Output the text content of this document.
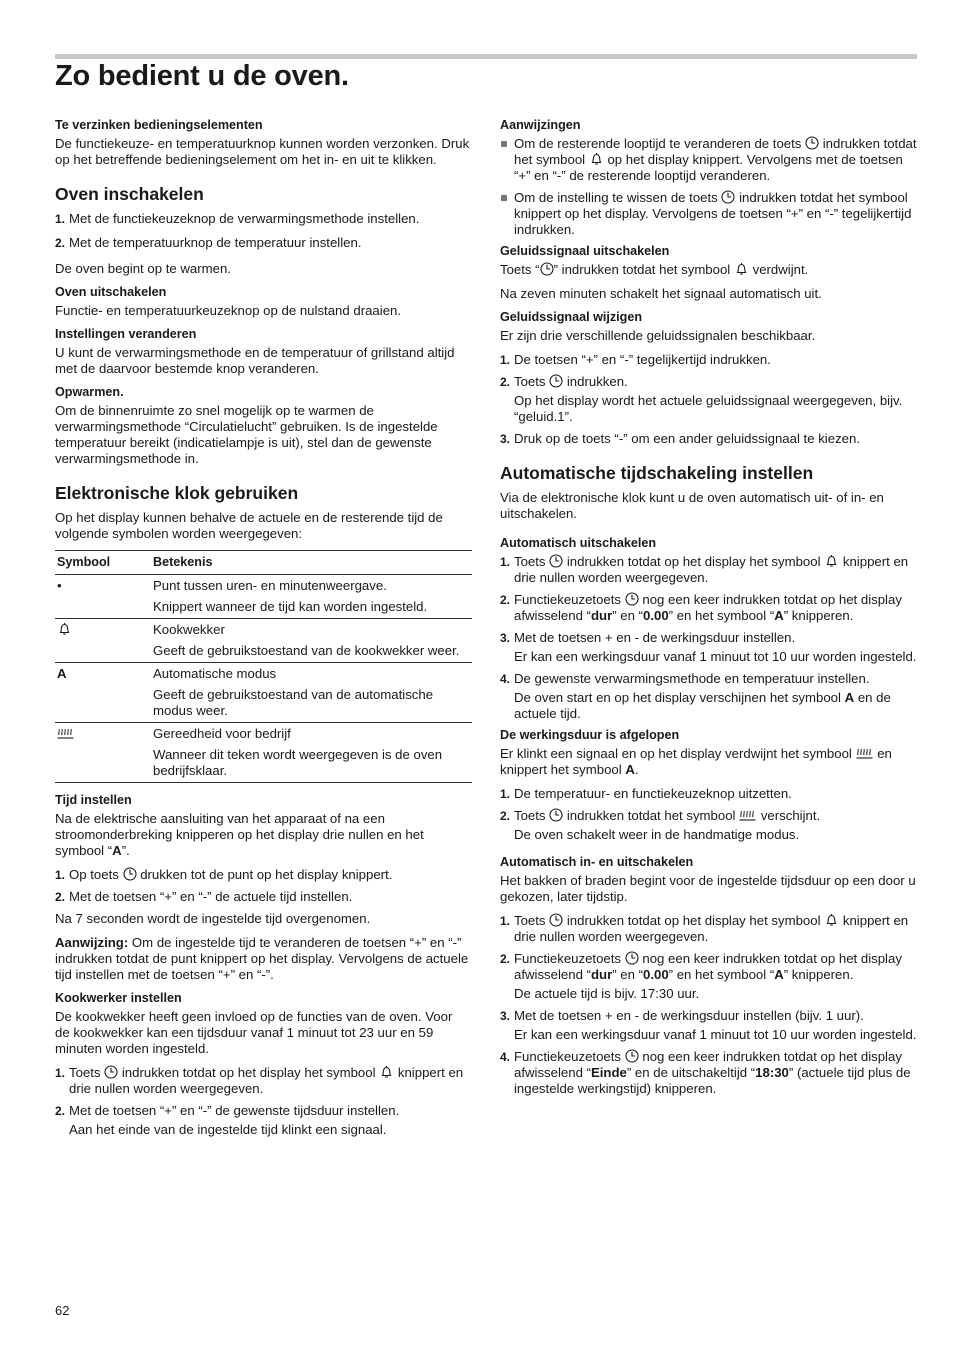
Zo bedient u de oven.
Te verzinken bedieningselementen

De functiekeuze- en temperatuurknop kunnen worden verzonken. Druk op het betreffende bedieningselement om het in- en uit te klikken.

Oven inschakelen
1. Met de functiekeuzeknop de verwarmingsmethode instellen.
2. Met de temperatuurknop de temperatuur instellen.

De oven begint op te warmen.

Oven uitschakelen

Functie- en temperatuurkeuzeknop op de nulstand draaien.

Instellingen veranderen

U kunt de verwarmingsmethode en de temperatuur of grillstand altijd met de daarvoor bestemde knop veranderen.

Opwarmen.

Om de binnenruimte zo snel mogelijk op te warmen de verwarmingsmethode “Circulatielucht” gebruiken. Is de ingestelde temperatuur bereikt (indicatielampje is uit), stel dan de gewenste verwarmingsmethode in.

Elektronische klok gebruiken

Op het display kunnen behalve de actuele en de resterende tijd de volgende symbolen worden weergegeven:

Symbool	Betekenis
•	Punt tussen uren- en minutenweergave.
Knippert wanneer de tijd kan worden ingesteld.

	Kookwekker
Geeft de gebruikstoestand van de kookwekker weer.

A	Automatische modus
Geeft de gebruikstoestand van de automatische modus weer.

	Gereedheid voor bedrijf
Wanneer dit teken wordt weergegeven is de oven bedrijfsklaar.
Tijd instellen

Na de elektrische aansluiting van het apparaat of na een stroomonderbreking knipperen op het display drie nullen en het symbool “A”.

1. Op toets drukken tot de punt op het display knippert.
2. Met de toetsen “+” en “-” de actuele tijd instellen.

Na 7 seconden wordt de ingestelde tijd overgenomen.

Aanwijzing: Om de ingestelde tijd te veranderen de toetsen “+” en “-” indrukken totdat de punt knippert op het display. Vervolgens de actuele tijd instellen met de toetsen “+” en “-”.

Kookwerker instellen

De kookwekker heeft geen invloed op de functies van de oven. Voor de kookwekker kan een tijdsduur vanaf 1 minuut tot 23 uur en 59 minuten worden ingesteld.

1. Toets indrukken totdat op het display het symbool knippert en drie nullen worden weergegeven.
2. Met de toetsen “+” en “-” de gewenste tijdsduur instellen.
Aan het einde van de ingestelde tijd klinkt een signaal.
Aanwijzingen
Om de resterende looptijd te veranderen de toets indrukken totdat het symbool op het display knippert. Vervolgens met de toetsen “+” en “-” de resterende looptijd veranderen.
Om de instelling te wissen de toets indrukken totdat het symbool knippert op het display. Vervolgens de toetsen “+” en “-” tegelijkertijd indrukken.
Geluidssignaal uitschakelen

Toets “ ” indrukken totdat het symbool verdwijnt.

Na zeven minuten schakelt het signaal automatisch uit.

Geluidssignaal wijzigen

Er zijn drie verschillende geluidssignalen beschikbaar.

1. De toetsen “+” en “-” tegelijkertijd indrukken.
2. Toets indrukken.
Op het display wordt het actuele geluidssignaal weergegeven, bijv. “geluid.1”.
3. Druk op de toets “-” om een ander geluidssignaal te kiezen.
Automatische tijdschakeling instellen

Via de elektronische klok kunt u de oven automatisch uit- of in- en uitschakelen.

Automatisch uitschakelen
1. Toets indrukken totdat op het display het symbool knippert en drie nullen worden weergegeven.
2. Functiekeuzetoets nog een keer indrukken totdat op het display afwisselend “dur” en “0.00” en het symbool “A” knipperen.
3. Met de toetsen + en - de werkingsduur instellen.
Er kan een werkingsduur vanaf 1 minuut tot 10 uur worden ingesteld.
4. De gewenste verwarmingsmethode en temperatuur instellen.
De oven start en op het display verschijnen het symbool A en de actuele tijd.
De werkingsduur is afgelopen

Er klinkt een signaal en op het display verdwijnt het symbool en knippert het symbool A.

1. De temperatuur- en functiekeuzeknop uitzetten.
2. Toets indrukken totdat het symbool verschijnt.
De oven schakelt weer in de handmatige modus.
Automatisch in- en uitschakelen

Het bakken of braden begint voor de ingestelde tijdsduur op een door u gekozen, later tijdstip.

1. Toets indrukken totdat op het display het symbool knippert en drie nullen worden weergegeven.
2. Functiekeuzetoets nog een keer indrukken totdat op het display afwisselend “dur” en “0.00” en het symbool “A” knipperen.
De actuele tijd is bijv. 17:30 uur.
3. Met de toetsen + en - de werkingsduur instellen (bijv. 1 uur).
Er kan een werkingsduur vanaf 1 minuut tot 10 uur worden ingesteld.
4. Functiekeuzetoets nog een keer indrukken totdat op het display afwisselend “Einde” en de uitschakeltijd “18:30” (actuele tijd plus de ingestelde werkingstijd) knipperen.
62
